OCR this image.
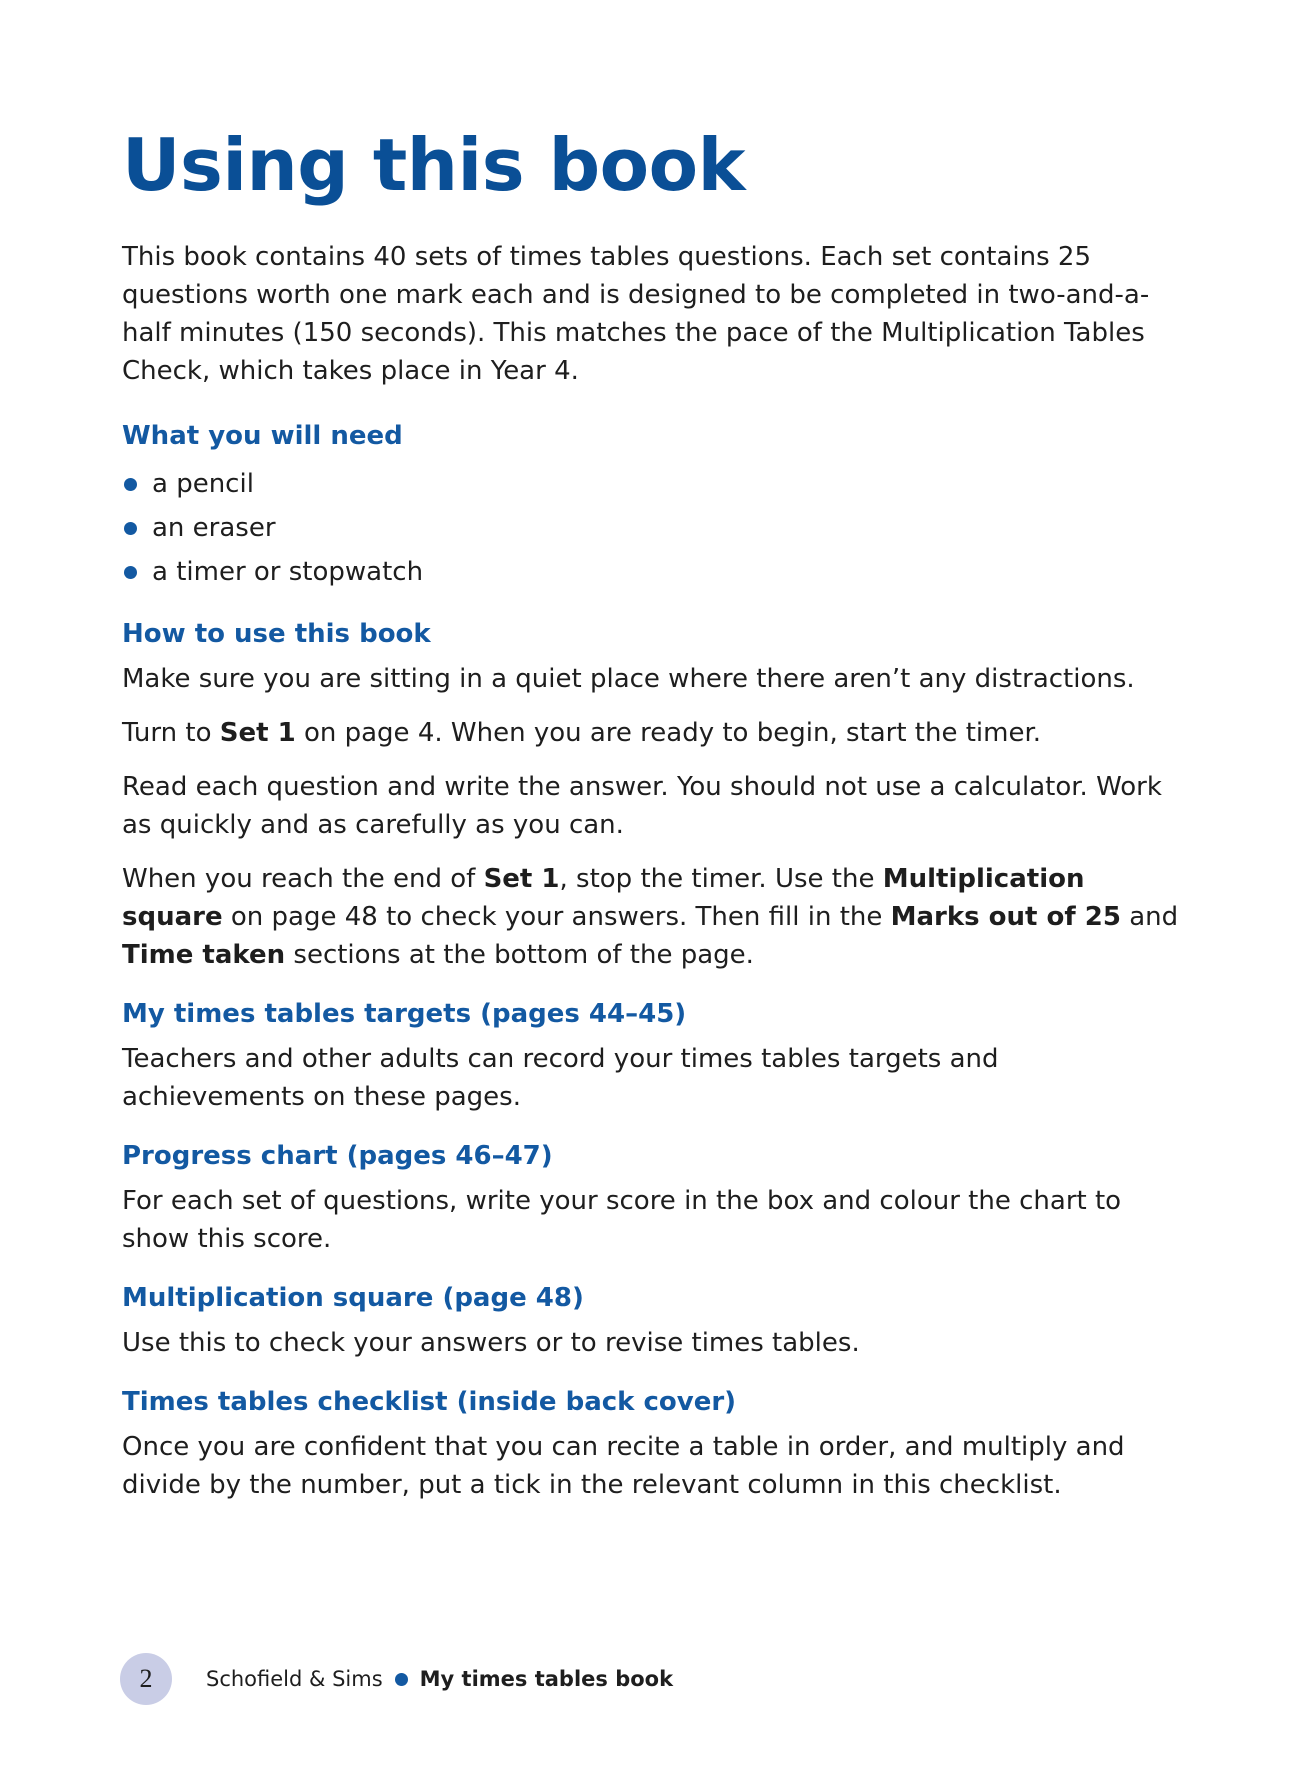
Using this book

This book contains 40 sets of times tables questions. Each set contains 25 questions worth one mark each and is designed to be completed in two-and-a-half minutes (150 seconds). This matches the pace of the Multiplication Tables Check, which takes place in Year 4.

What you will need
a pencil
an eraser
a timer or stopwatch
How to use this book

Make sure you are sitting in a quiet place where there aren’t any distractions.

Turn to Set 1 on page 4. When you are ready to begin, start the timer.

Read each question and write the answer. You should not use a calculator. Work as quickly and as carefully as you can.

When you reach the end of Set 1, stop the timer. Use the Multiplication square on page 48 to check your answers. Then fill in the Marks out of 25 and Time taken sections at the bottom of the page.

My times tables targets (pages 44–45)

Teachers and other adults can record your times tables targets and achievements on these pages.

Progress chart (pages 46–47)

For each set of questions, write your score in the box and colour the chart to show this score.

Multiplication square (page 48)

Use this to check your answers or to revise times tables.

Times tables checklist (inside back cover)

Once you are confident that you can recite a table in order, and multiply and divide by the number, put a tick in the relevant column in this checklist.

2	Schofield & Sims My times tables book
